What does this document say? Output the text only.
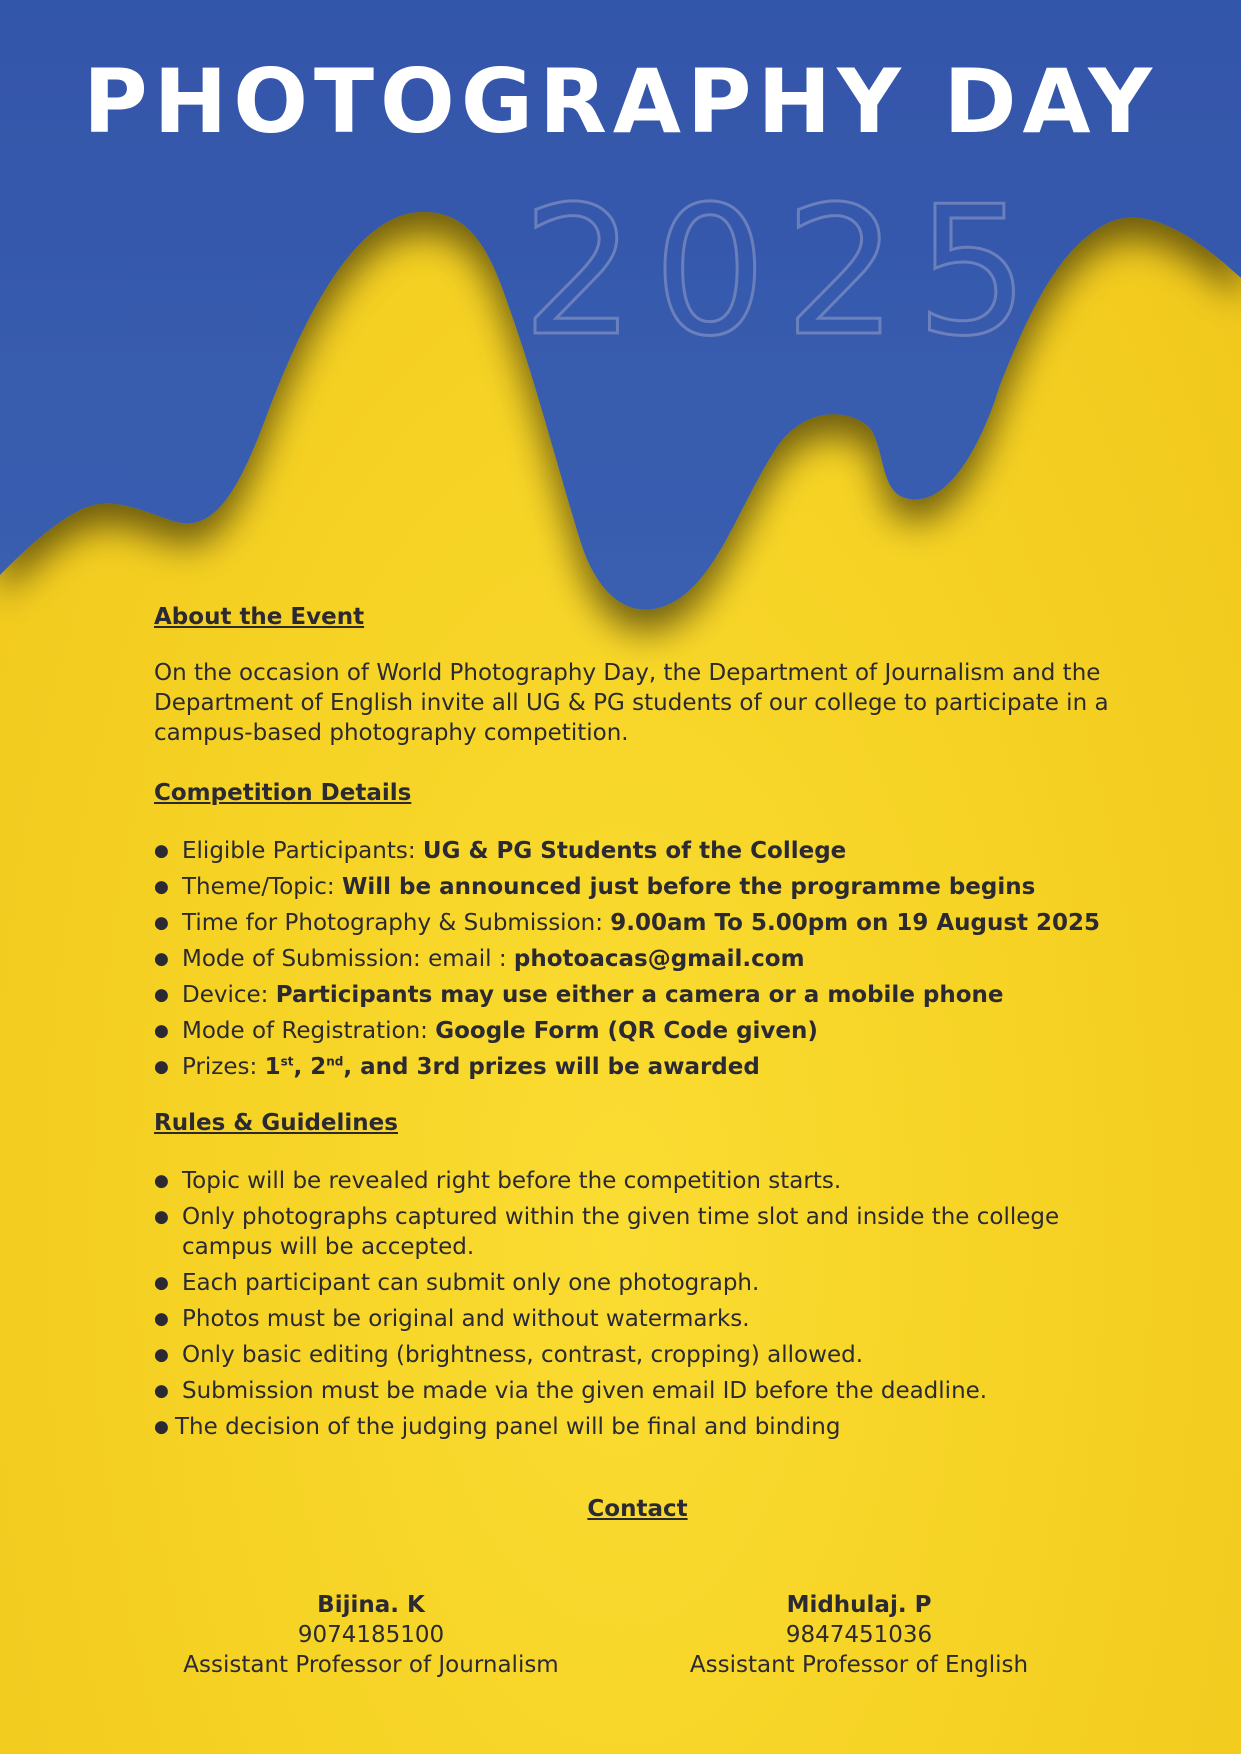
PHOTOGRAPHY DAY
2025
About the Event

On the occasion of World Photography Day, the Department of Journalism and the Department of English invite all UG & PG students of our college to participate in a campus-based photography competition.

Competition Details
● Eligible Participants: UG & PG Students of the College
● Theme/Topic: Will be announced just before the programme begins
● Time for Photography & Submission: 9.00am To 5.00pm on 19 August 2025
● Mode of Submission: email : photoacas@gmail.com
● Device: Participants may use either a camera or a mobile phone
● Mode of Registration: Google Form (QR Code given)
● Prizes: 1st, 2nd, and 3rd prizes will be awarded
Rules & Guidelines
● Topic will be revealed right before the competition starts.
● Only photographs captured within the given time slot and inside the college campus will be accepted.
● Each participant can submit only one photograph.
● Photos must be original and without watermarks.
● Only basic editing (brightness, contrast, cropping) allowed.
● Submission must be made via the given email ID before the deadline.
● The decision of the judging panel will be final and binding
Contact
Bijina. K
9074185100
Assistant Professor of Journalism
Midhulaj. P
9847451036
Assistant Professor of English
